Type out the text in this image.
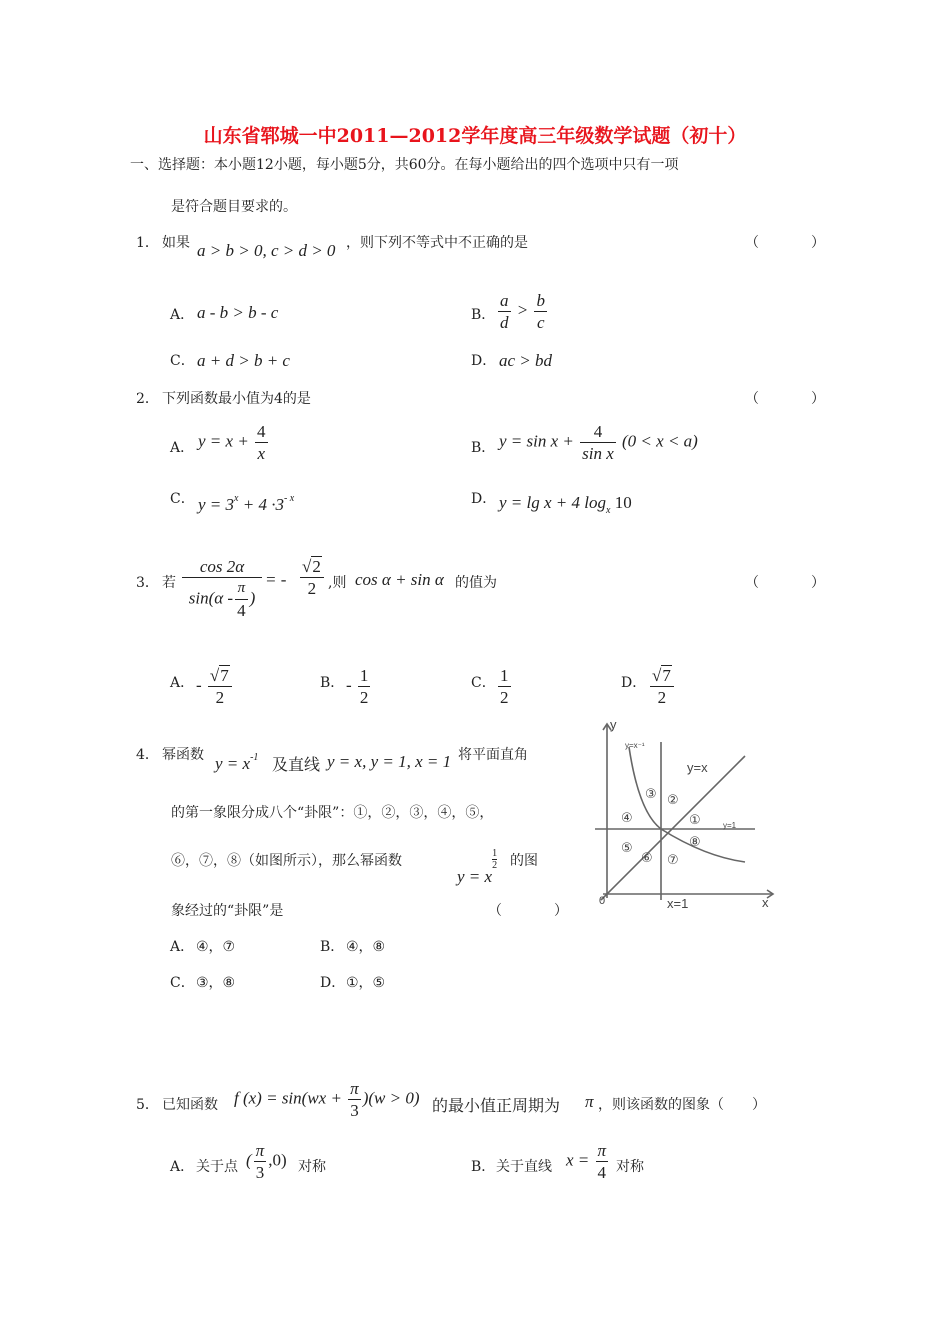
山东省郓城一中2011—2012学年度高三年级数学试题（初十）
一、选择题：本小题12小题，每小题5分，共60分。在每小题给出的四个选项中只有一项
是符合题目要求的。
1． 如果 a > b > 0, c > d > 0 ，则下列不等式中不正确的是	（　　）
A． a - b > b - c	B． $\frac{a}{d} > \frac{b}{c}$
C． a + d > b + c	D． ac > bd
2． 下列函数最小值为4的是	（　　）
A． $y = x + \frac{4}{x}$	B． $y = \sin x + \frac{4}{\text{sin x}} (0 < x < a)$
C． $y = 3^x + 4 \cdot 3^{- x}$	D． y = lg x + 4 $\log_x 10$
3． 若 $\frac{\cos 2\alpha}{\sin(\alpha - \frac{\pi}{4} )}$ = - $\frac{√2}{2}$ ,则 cos α + sin α 的值为	（　　）
A． - $\frac{√7}{2}$	B． - $\frac{1}{2}$	C． $\frac{1}{2}$	D． $\frac{√7}{2}$
4． 幂函数 $y = x^{-1}$ 及直线 y = x, y = 1, x = 1 将平面直角
的第一象限分成八个“卦限”：①，②，③，④，⑤，
⑥，⑦，⑧（如图所示），那么幂函数
y = x
$\frac{1}{2}$ 的图
象经过的“卦限”是	（　　）
A． ④，⑦	B． ④，⑧
C． ③，⑧	D． ①，⑤
y
x
0
y=x⁻¹
y=x
y=1
x=1
①
②
③
④
⑤
⑥ ⑦
⑧
5． 已知函数 f $(x) = \sin(wx + \frac{\pi}{3} )(w > 0)$ 的最小值正周期为 π ，则该函数的图象（　　）
A． 关于点 ( $\frac{\pi}{3} ,0$) 对称	B． 关于直线 $x = \frac{\pi}{4}$ 对称
